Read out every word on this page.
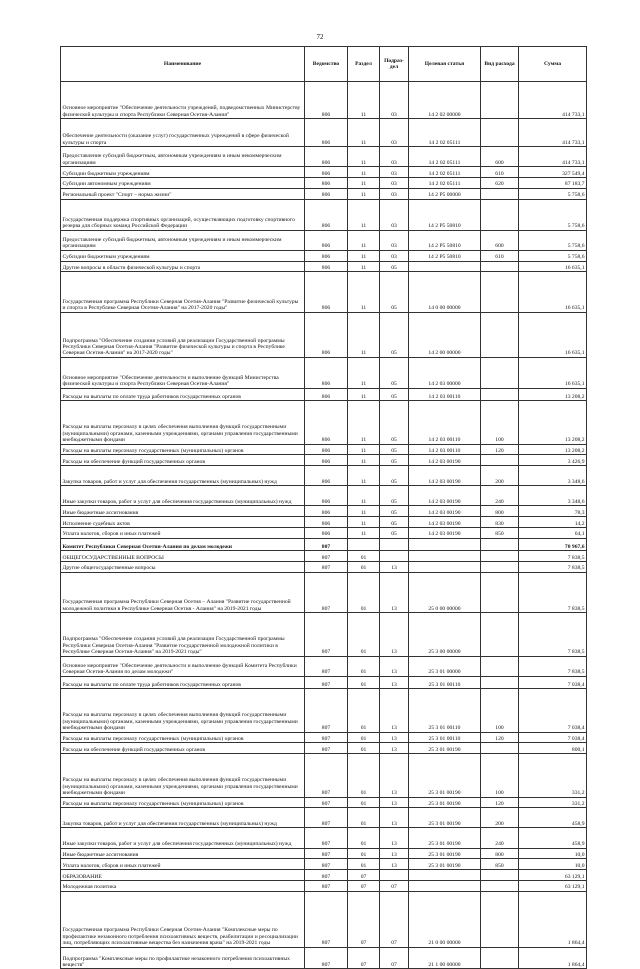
72
Наименование	Ведомство	Раздел	Подраз-дел	Целевая статья	Вид расхода	Сумма
Основное мероприятие "Обеспечение деятельности учреждений, подведомственных Министерству физической культуры и спорта Республики Северная Осетия-Алания"	806	11	03	14 2 02 00000		414 733,1
Обеспечение деятельности (оказание услуг) государственных учреждений в сфере физической культуры и спорта	806	11	03	14 2 02 05111		414 733,1
Предоставление субсидий бюджетным, автономным учреждениям и иным некоммерческим организациям	806	11	03	14 2 02 05111	600	414 733,1
Субсидии бюджетным учреждениям	806	11	03	14 2 02 05111	610	327 549,4
Субсидии автономным учреждениям	806	11	03	14 2 02 05111	620	87 183,7
Региональный проект "Спорт – норма жизни"	806	11	03	14 2 P5 00000		5 758,6
Государственная поддержка спортивных организаций, осуществляющих подготовку спортивного резерва для сборных команд Российской Федерации	806	11	03	14 2 P5 50810		5 758,6
Предоставление субсидий бюджетным, автономным учреждениям и иным некоммерческим организациям	806	11	03	14 2 P5 50810	600	5 758,6
Субсидии бюджетным учреждениям	806	11	03	14 2 P5 50810	610	5 758,6
Другие вопросы в области физической культуры и спорта	806	11	05			16 635,1
Государственная программа Республики Северная Осетия-Алания "Развитие физической культуры и спорта в Республике Северная Осетия-Алания" на 2017-2020 годы"	806	11	05	14 0 00 00000		16 635,1
Подпрограмма "Обеспечение создания условий для реализации Государственной программы Республики Северная Осетия-Алания "Развитие физической культуры и спорта в Республике Северная Осетия-Алания" на 2017-2020 годы"	806	11	05	14 2 00 00000		16 635,1
Основное мероприятие "Обеспечение деятельности и выполнение функций Министерства физической культуры и спорта Республики Северная Осетия-Алания"	806	11	05	14 2 03 00000		16 635,1
Расходы на выплаты по оплате труда работников государственных органов	806	11	05	14 2 03 00110		13 208,2
Расходы на выплаты персоналу в целях обеспечения выполнения функций государственными (муниципальными) органами, казенными учреждениями, органами управления государственными внебюджетными фондами	806	11	05	14 2 03 00110	100	13 208,2
Расходы на выплаты персоналу государственных (муниципальных) органов	806	11	05	14 2 03 00110	120	13 208,2
Расходы на обеспечение функций государственных органов	806	11	05	14 2 03 00190		3 426,9
Закупка товаров, работ и услуг для обеспечения государственных (муниципальных) нужд	806	11	05	14 2 03 00190	200	3 348,6
Иные закупки товаров, работ и услуг для обеспечения государственных (муниципальных) нужд	806	11	05	14 2 03 00190	240	3 348,6
Иные бюджетные ассигнования	806	11	05	14 2 03 00190	800	78,3
Исполнение судебных актов	806	11	05	14 2 03 00190	830	14,2
Уплата налогов, сборов и иных платежей	806	11	05	14 2 03 00190	850	64,1
Комитет Республики Северная Осетия-Алания по делам молодежи	807					70 967,6
ОБЩЕГОСУДАРСТВЕННЫЕ ВОПРОСЫ	807	01				7 838,5
Другие общегосударственные вопросы	807	01	13			7 838,5
Государственная программа Республики Северная Осетия – Алания "Развитие государственной молодежной политики в Республике Северная Осетия - Алания" на 2019-2021 годы	807	01	13	25 0 00 00000		7 838,5
Подпрограмма "Обеспечение создания условий для реализации Государственной программы Республики Северная Осетия-Алания "Развитие государственной молодежной политики в Республике Северная Осетия-Алания" на 2019-2021 годы"	807	01	13	25 3 00 00000		7 838,5
Основное мероприятие "Обеспечение деятельности и выполнение функций Комитета Республики Северная Осетия-Алания по делам молодежи"	807	01	13	25 3 01 00000		7 838,5
Расходы на выплаты по оплате труда работников государственных органов	807	01	13	25 3 01 00110		7 038,4
Расходы на выплаты персоналу в целях обеспечения выполнения функций государственными (муниципальными) органами, казенными учреждениями, органами управления государственными внебюджетными фондами	807	01	13	25 3 01 00110	100	7 038,4
Расходы на выплаты персоналу государственных (муниципальных) органов	807	01	13	25 3 01 00110	120	7 038,4
Расходы на обеспечение функций государственных органов	807	01	13	25 3 01 00190		800,1
Расходы на выплаты персоналу в целях обеспечения выполнения функций государственными (муниципальными) органами, казенными учреждениями, органами управления государственными внебюджетными фондами	807	01	13	25 3 01 00190	100	331,2
Расходы на выплаты персоналу государственных (муниципальных) органов	807	01	13	25 3 01 00190	120	331,2
Закупка товаров, работ и услуг для обеспечения государственных (муниципальных) нужд	807	01	13	25 3 01 00190	200	458,9
Иные закупки товаров, работ и услуг для обеспечения государственных (муниципальных) нужд	807	01	13	25 3 01 00190	240	458,9
Иные бюджетные ассигнования	807	01	13	25 3 01 00190	800	10,0
Уплата налогов, сборов и иных платежей	807	01	13	25 3 01 00190	850	10,0
ОБРАЗОВАНИЕ	807	07				63 129,1
Молодежная политика	807	07	07			63 129,1
Государственная программа Республики Северная Осетия-Алания "Комплексные меры по профилактике незаконного потребления психоактивных веществ, реабилитации и ресоциализации лиц, потребляющих психоактивные вещества без назначения врача" на 2019-2021 годы	807	07	07	21 0 00 00000		1 864,4
Подпрограмма "Комплексные меры по профилактике незаконного потребления психоактивных веществ"	807	07	07	21 1 00 00000		1 864,4
